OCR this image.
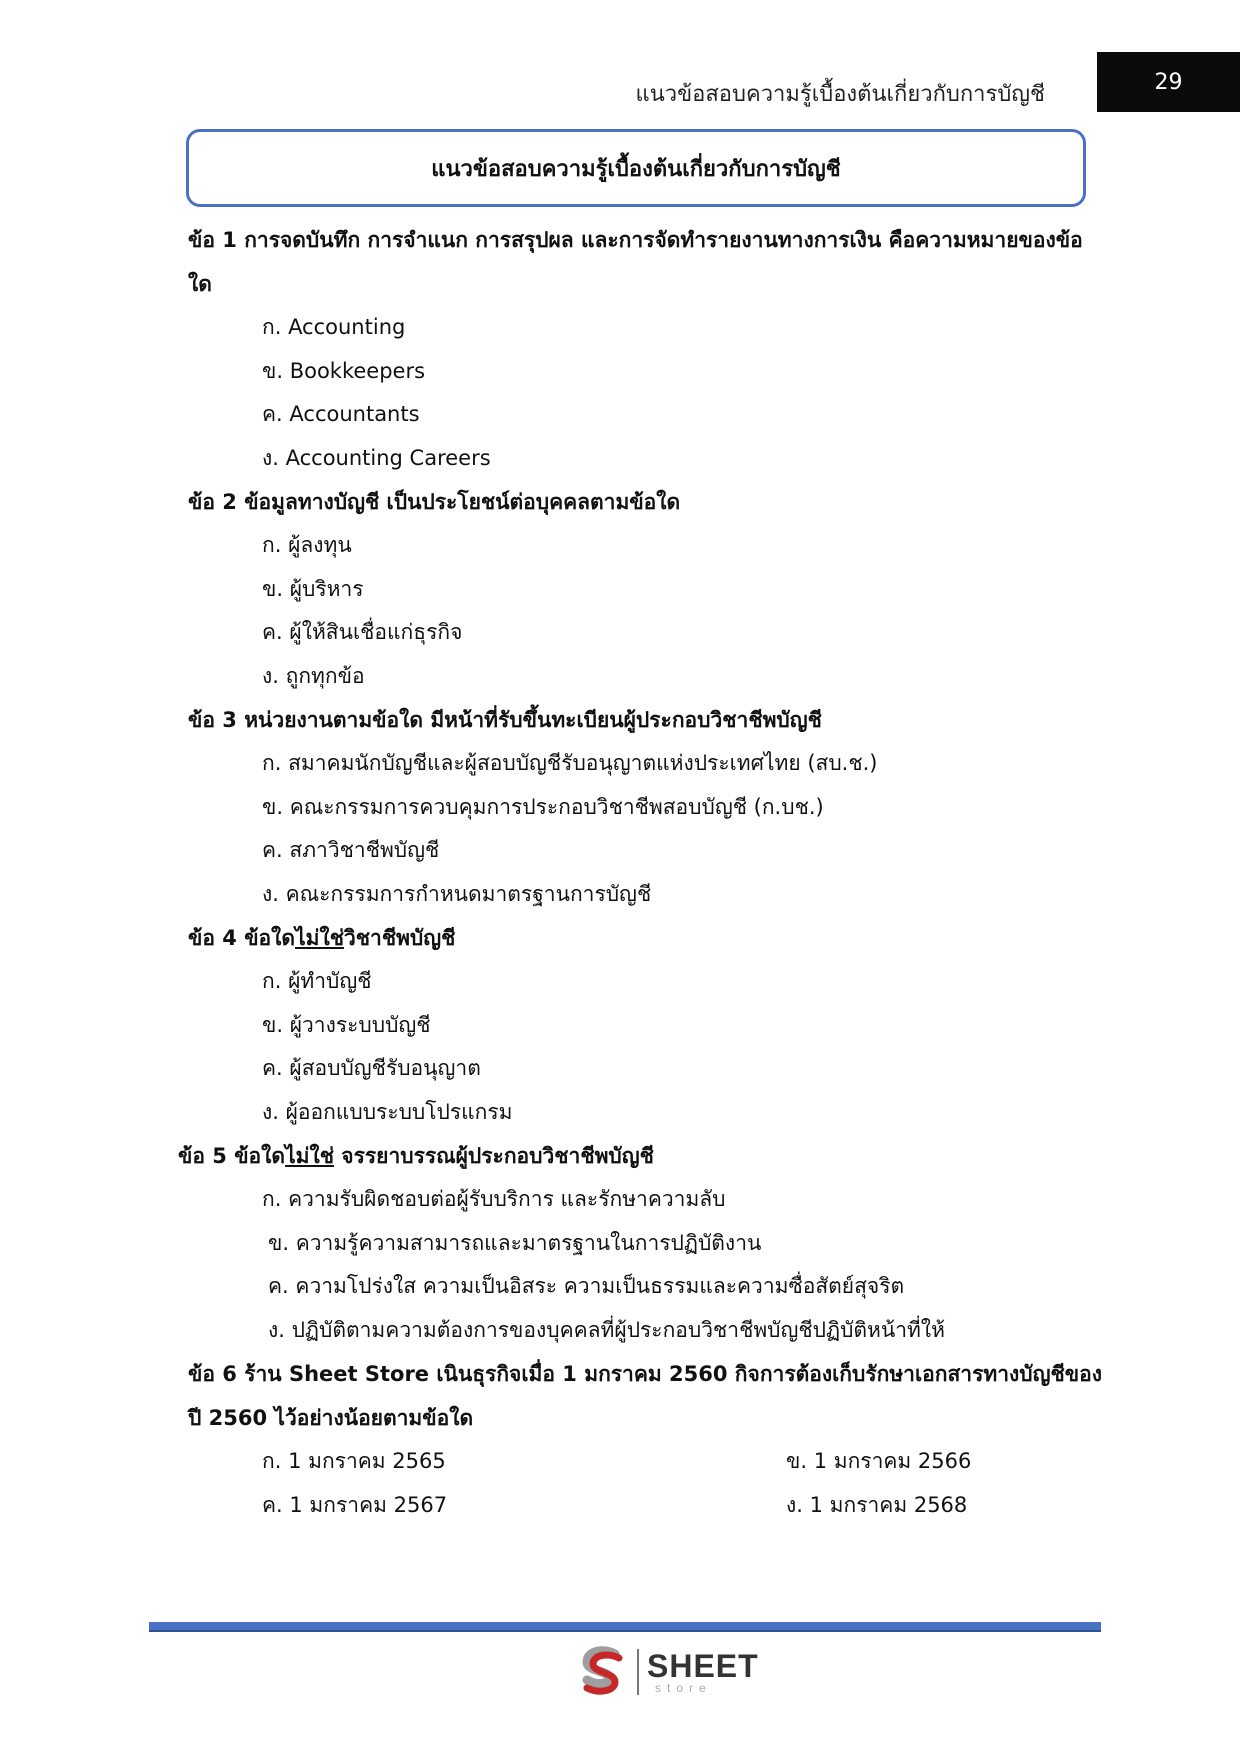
แนวข้อสอบความรู้เบื้องต้นเกี่ยวกับการบัญชี	29
แนวข้อสอบความรู้เบื้องต้นเกี่ยวกับการบัญชี
ข้อ 1 การจดบันทึก การจำแนก การสรุปผล และการจัดทำรายงานทางการเงิน คือความหมายของข้อ
ใด
ก. Accounting
ข. Bookkeepers
ค. Accountants
ง. Accounting Careers
ข้อ 2 ข้อมูลทางบัญชี เป็นประโยชน์ต่อบุคคลตามข้อใด
ก. ผู้ลงทุน
ข. ผู้บริหาร
ค. ผู้ให้สินเชื่อแก่ธุรกิจ
ง. ถูกทุกข้อ
ข้อ 3 หน่วยงานตามข้อใด มีหน้าที่รับขึ้นทะเบียนผู้ประกอบวิชาชีพบัญชี
ก. สมาคมนักบัญชีและผู้สอบบัญชีรับอนุญาตแห่งประเทศไทย (สบ.ช.)
ข. คณะกรรมการควบคุมการประกอบวิชาชีพสอบบัญชี (ก.บช.)
ค. สภาวิชาชีพบัญชี
ง. คณะกรรมการกำหนดมาตรฐานการบัญชี
ข้อ 4 ข้อใดไม่ใช่วิชาชีพบัญชี
ก. ผู้ทำบัญชี
ข. ผู้วางระบบบัญชี
ค. ผู้สอบบัญชีรับอนุญาต
ง. ผู้ออกแบบระบบโปรแกรม
ข้อ 5 ข้อใดไม่ใช่ จรรยาบรรณผู้ประกอบวิชาชีพบัญชี
ก. ความรับผิดชอบต่อผู้รับบริการ และรักษาความลับ
ข. ความรู้ความสามารถและมาตรฐานในการปฏิบัติงาน
ค. ความโปร่งใส ความเป็นอิสระ ความเป็นธรรมและความซื่อสัตย์สุจริต
ง. ปฏิบัติตามความต้องการของบุคคลที่ผู้ประกอบวิชาชีพบัญชีปฏิบัติหน้าที่ให้
ข้อ 6 ร้าน Sheet Store เนินธุรกิจเมื่อ 1 มกราคม 2560 กิจการต้องเก็บรักษาเอกสารทางบัญชีของ
ปี 2560 ไว้อย่างน้อยตามข้อใด
ก. 1 มกราคม 2565	ข. 1 มกราคม 2566
ค. 1 มกราคม 2567	ง. 1 มกราคม 2568
SHEET
store
